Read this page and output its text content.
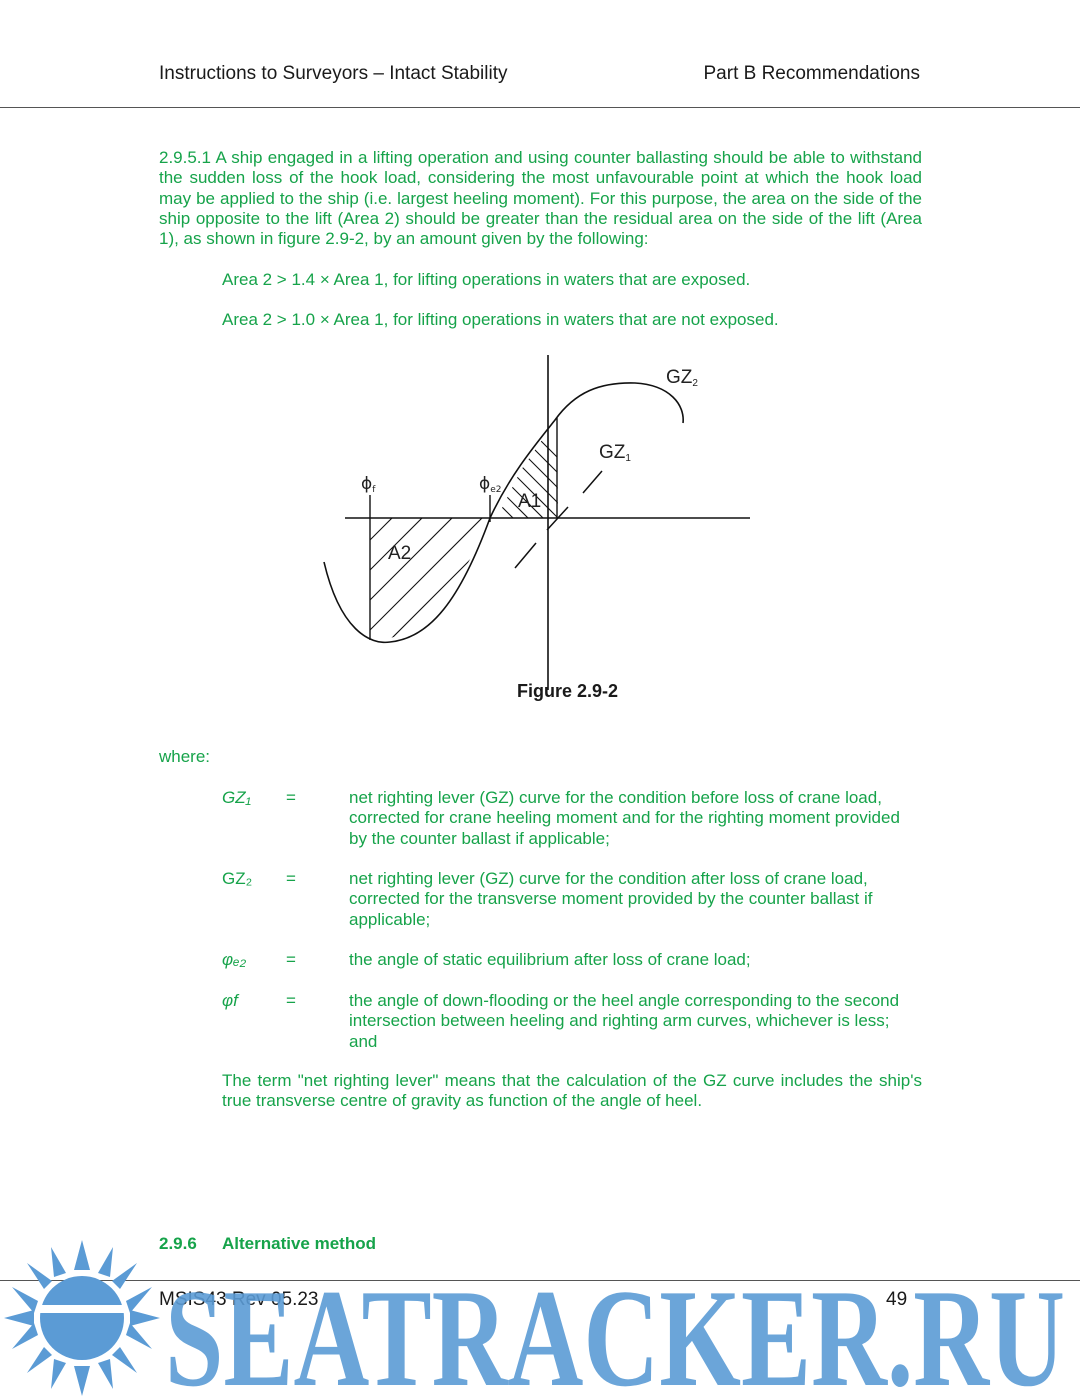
Instructions to Surveyors – Intact Stability	Part B Recommendations
2.9.5.1 A ship engaged in a lifting operation and using counter ballasting should be able to withstand the sudden loss of the hook load, considering the most unfavourable point at which the hook load may be applied to the ship (i.e. largest heeling moment). For this purpose, the area on the side of the ship opposite to the lift (Area 2) should be greater than the residual area on the side of the lift (Area 1), as shown in figure 2.9-2, by an amount given by the following:
Area 2 > 1.4 × Area 1, for lifting operations in waters that are exposed.
Area 2 > 1.0 × Area 1, for lifting operations in waters that are not exposed.
GZ2
GZ1
ϕf	ϕe2
A1
A2
Figure 2.9-2
where:
GZ₁	=	net righting lever (GZ) curve for the condition before loss of crane load, corrected for crane heeling moment and for the righting moment provided by the counter ballast if applicable;
GZ₂	=	net righting lever (GZ) curve for the condition after loss of crane load, corrected for the transverse moment provided by the counter ballast if applicable;
φₑ₂	=	the angle of static equilibrium after loss of crane load;
φf	=	the angle of down-flooding or the heel angle corresponding to the second intersection between heeling and righting arm curves, whichever is less; and
The term "net righting lever" means that the calculation of the GZ curve includes the ship's true transverse centre of gravity as function of the angle of heel.
2.9.6 Alternative method
MSIS43 Rev 05.23	49
SEATRACKER.RU
